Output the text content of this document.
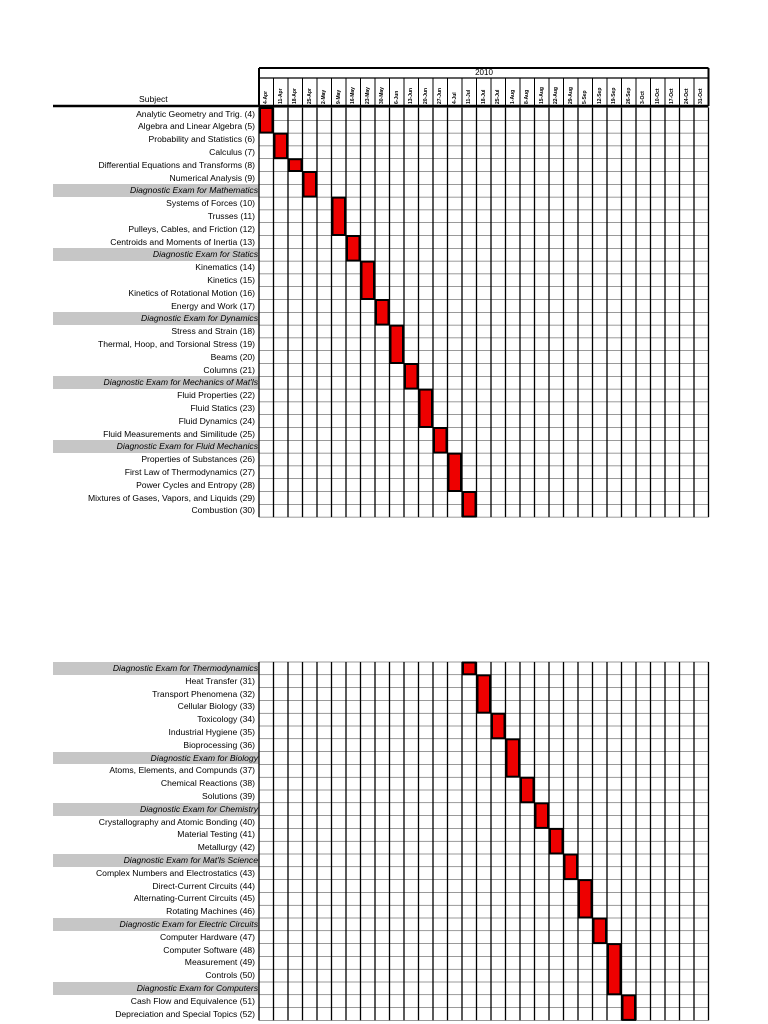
Subject
2010
4-Apr	11-Apr	18-Apr	25-Apr	2-May	9-May	16-May	23-May	30-May	6-Jun	13-Jun	20-Jun	27-Jun	4-Jul	11-Jul	18-Jul	25-Jul	1-Aug	8-Aug	15-Aug	22-Aug	29-Aug	5-Sep	12-Sep	19-Sep	26-Sep	3-Oct	10-Oct	17-Oct	24-Oct	31-Oct
Analytic Geometry and Trig. (4)
Algebra and Linear Algebra (5)
Probability and Statistics (6)
Calculus (7)
Differential Equations and Transforms (8)
Numerical Analysis (9)
Diagnostic Exam for Mathematics
Systems of Forces (10)
Trusses (11)
Pulleys, Cables, and Friction (12)
Centroids and Moments of Inertia (13)
Diagnostic Exam for Statics
Kinematics (14)
Kinetics (15)
Kinetics of Rotational Motion (16)
Energy and Work (17)
Diagnostic Exam for Dynamics
Stress and Strain (18)
Thermal, Hoop, and Torsional Stress (19)
Beams (20)
Columns (21)
Diagnostic Exam for Mechanics of Mat'ls
Fluid Properties (22)
Fluid Statics (23)
Fluid Dynamics (24)
Fluid Measurements and Similitude (25)
Diagnostic Exam for Fluid Mechanics
Properties of Substances (26)
First Law of Thermodynamics (27)
Power Cycles and Entropy (28)
Mixtures of Gases, Vapors, and Liquids (29)
Combustion (30)
Diagnostic Exam for Thermodynamics
Heat Transfer (31)
Transport Phenomena (32)
Cellular Biology (33)
Toxicology (34)
Industrial Hygiene (35)
Bioprocessing (36)
Diagnostic Exam for Biology
Atoms, Elements, and Compunds (37)
Chemical Reactions (38)
Solutions (39)
Diagnostic Exam for Chemistry
Crystallography and Atomic Bonding (40)
Material Testing (41)
Metallurgy (42)
Diagnostic Exam for Mat'ls Science
Complex Numbers and Electrostatics (43)
Direct-Current Circuits (44)
Alternating-Current Circuits (45)
Rotating Machines (46)
Diagnostic Exam for Electric Circuits
Computer Hardware (47)
Computer Software (48)
Measurement (49)
Controls (50)
Diagnostic Exam for Computers
Cash Flow and Equivalence (51)
Depreciation and Special Topics (52)
